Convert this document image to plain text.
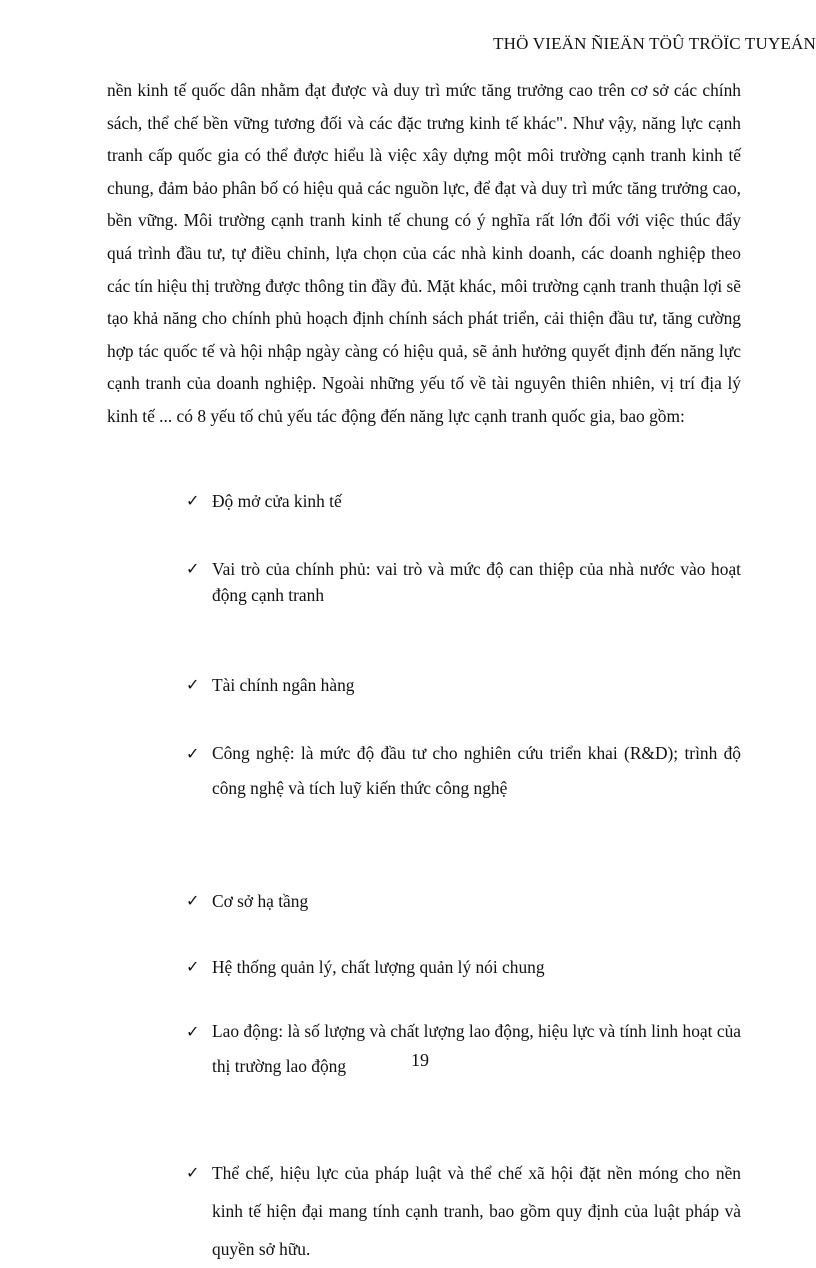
THÖ VIEÄN ÑIEÄN TÖÛ TRÖÏC TUYEÁN

nền kinh tế quốc dân nhằm đạt được và duy trì mức tăng trưởng cao trên cơ sở các chính sách, thể chế bền vững tương đối và các đặc trưng kinh tế khác". Như vậy, năng lực cạnh tranh cấp quốc gia có thể được hiểu là việc xây dựng một môi trường cạnh tranh kinh tế chung, đảm bảo phân bố có hiệu quả các nguồn lực, để đạt và duy trì mức tăng trưởng cao, bền vững. Môi trường cạnh tranh kinh tế chung có ý nghĩa rất lớn đối với việc thúc đẩy quá trình đầu tư, tự điều chỉnh, lựa chọn của các nhà kinh doanh, các doanh nghiệp theo các tín hiệu thị trường được thông tin đầy đủ. Mặt khác, môi trường cạnh tranh thuận lợi sẽ tạo khả năng cho chính phủ hoạch định chính sách phát triển, cải thiện đầu tư, tăng cường hợp tác quốc tế và hội nhập ngày càng có hiệu quả, sẽ ảnh hưởng quyết định đến năng lực cạnh tranh của doanh nghiệp. Ngoài những yếu tố về tài nguyên thiên nhiên, vị trí địa lý kinh tế ... có 8 yếu tố chủ yếu tác động đến năng lực cạnh tranh quốc gia, bao gồm:

✓ Độ mở cửa kinh tế
✓ Vai trò của chính phủ: vai trò và mức độ can thiệp của nhà nước vào hoạt động cạnh tranh
✓ Tài chính ngân hàng
✓ Công nghệ: là mức độ đầu tư cho nghiên cứu triển khai (R&D); trình độ công nghệ và tích luỹ kiến thức công nghệ
✓ Cơ sở hạ tầng
✓ Hệ thống quản lý, chất lượng quản lý nói chung
✓ Lao động: là số lượng và chất lượng lao động, hiệu lực và tính linh hoạt của thị trường lao động
✓ Thể chế, hiệu lực của pháp luật và thể chế xã hội đặt nền móng cho nền kinh tế hiện đại mang tính cạnh tranh, bao gồm quy định của luật pháp và quyền sở hữu.
19
